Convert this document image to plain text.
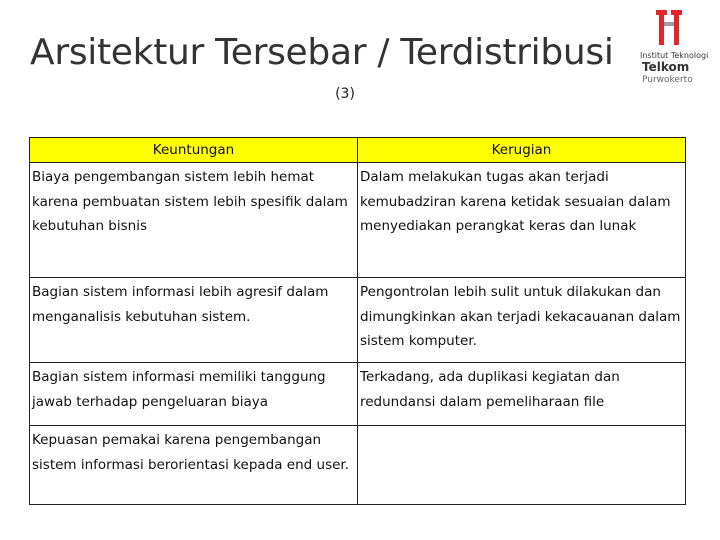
Arsitektur Tersebar / Terdistribusi
(3)
Institut Teknologi
Telkom
Purwokerto
Keuntungan	Kerugian
Biaya pengembangan sistem lebih hemat karena pembuatan sistem lebih spesifik dalam kebutuhan bisnis	Dalam melakukan tugas akan terjadi kemubadziran karena ketidak sesuaian dalam menyediakan perangkat keras dan lunak
Bagian sistem informasi lebih agresif dalam menganalisis kebutuhan sistem.	Pengontrolan lebih sulit untuk dilakukan dan dimungkinkan akan terjadi kekacauanan dalam sistem komputer.
Bagian sistem informasi memiliki tanggung jawab terhadap pengeluaran biaya	Terkadang, ada duplikasi kegiatan dan redundansi dalam pemeliharaan file
Kepuasan pemakai karena pengembangan sistem informasi berorientasi kepada end user.	
